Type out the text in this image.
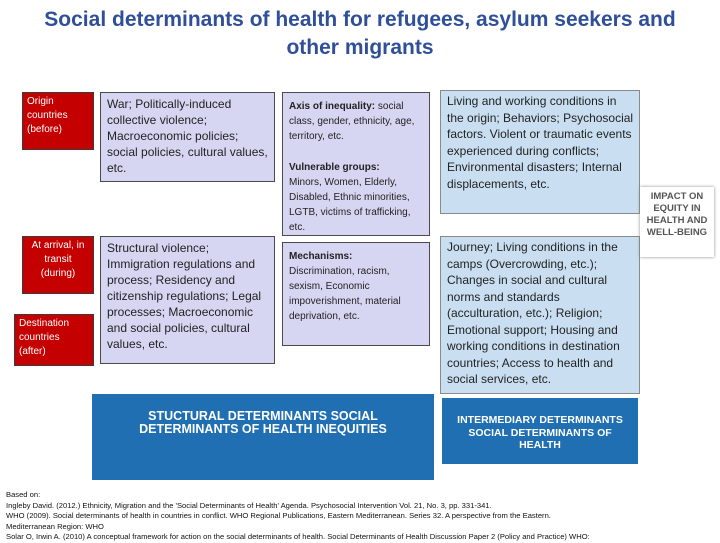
Social determinants of health for refugees, asylum seekers and other migrants
Origin countries (before)
At arrival, in transit (during)
Destination countries (after)
War; Politically-induced collective violence; Macroeconomic policies; social policies, cultural values, etc.
Structural violence; Immigration regulations and process; Residency and citizenship regulations; Legal processes; Macroeconomic and social policies, cultural values, etc.
Axis of inequality: social class, gender, ethnicity, age, territory, etc.
Vulnerable groups:
Minors, Women, Elderly, Disabled, Ethnic minorities, LGTB, victims of trafficking, etc.
Mechanisms:
Discrimination, racism, sexism, Economic impoverishment, material deprivation, etc.
Living and working conditions in the origin; Behaviors; Psychosocial factors. Violent or traumatic events experienced during conflicts; Environmental disasters; Internal displacements, etc.
Journey; Living conditions in the camps (Overcrowding, etc.); Changes in social and cultural norms and standards (acculturation, etc.); Religion; Emotional support; Housing and working conditions in destination countries; Access to health and social services, etc.
IMPACT ON EQUITY IN HEALTH AND WELL-BEING
STUCTURAL DETERMINANTS SOCIAL DETERMINANTS OF HEALTH INEQUITIES
INTERMEDIARY DETERMINANTS SOCIAL DETERMINANTS OF HEALTH
Based on:
Ingleby David. (2012.) Ethnicity, Migration and the 'Social Determinants of Health' Agenda. Psychosocial Intervention Vol. 21, No. 3, pp. 331-341.
WHO (2009). Social determinants of health in countries in conflict. WHO Regional Publications, Eastern Mediterranean. Series 32. A perspective from the Eastern.
Mediterranean Region: WHO
Solar O, Irwin A. (2010) A conceptual framework for action on the social determinants of health. Social Determinants of Health Discussion Paper 2 (Policy and Practice) WHO:
